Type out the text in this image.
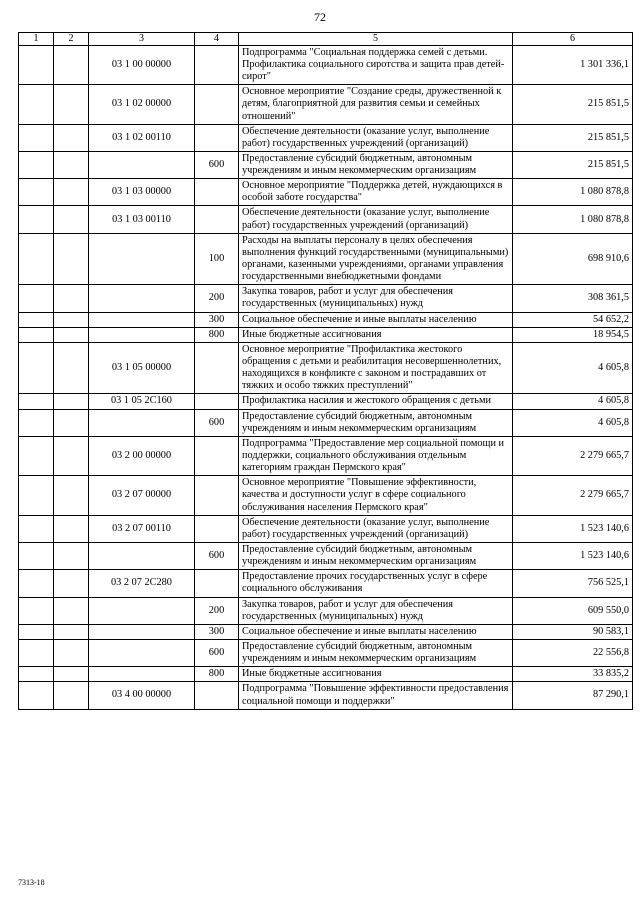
72
1	2	3	4	5	6
		03 1 00 00000		Подпрограмма "Социальная поддержка семей с детьми. Профилактика социального сиротства и защита прав детей-сирот"	1 301 336,1
		03 1 02 00000		Основное мероприятие "Создание среды, дружественной к детям, благоприятной для развития семьи и семейных отношений"	215 851,5
		03 1 02 00110		Обеспечение деятельности (оказание услуг, выполнение работ) государственных учреждений (организаций)	215 851,5
			600	Предоставление субсидий бюджетным, автономным учреждениям и иным некоммерческим организациям	215 851,5
		03 1 03 00000		Основное мероприятие "Поддержка детей, нуждающихся в особой заботе государства"	1 080 878,8
		03 1 03 00110		Обеспечение деятельности (оказание услуг, выполнение работ) государственных учреждений (организаций)	1 080 878,8
			100	Расходы на выплаты персоналу в целях обеспечения выполнения функций государственными (муниципальными) органами, казенными учреждениями, органами управления государственными внебюджетными фондами	698 910,6
			200	Закупка товаров, работ и услуг для обеспечения государственных (муниципальных) нужд	308 361,5
			300	Социальное обеспечение и иные выплаты населению	54 652,2
			800	Иные бюджетные ассигнования	18 954,5
		03 1 05 00000		Основное мероприятие "Профилактика жестокого обращения с детьми и реабилитация несовершеннолетних, находящихся в конфликте с законом и пострадавших от тяжких и особо тяжких преступлений"	4 605,8
		03 1 05 2С160		Профилактика насилия и жестокого обращения с детьми	4 605,8
			600	Предоставление субсидий бюджетным, автономным учреждениям и иным некоммерческим организациям	4 605,8
		03 2 00 00000		Подпрограмма "Предоставление мер социальной помощи и поддержки, социального обслуживания отдельным категориям граждан Пермского края"	2 279 665,7
		03 2 07 00000		Основное мероприятие "Повышение эффективности, качества и доступности услуг в сфере социального обслуживания населения Пермского края"	2 279 665,7
		03 2 07 00110		Обеспечение деятельности (оказание услуг, выполнение работ) государственных учреждений (организаций)	1 523 140,6
			600	Предоставление субсидий бюджетным, автономным учреждениям и иным некоммерческим организациям	1 523 140,6
		03 2 07 2С280		Предоставление прочих государственных услуг в сфере социального обслуживания	756 525,1
			200	Закупка товаров, работ и услуг для обеспечения государственных (муниципальных) нужд	609 550,0
			300	Социальное обеспечение и иные выплаты населению	90 583,1
			600	Предоставление субсидий бюджетным, автономным учреждениям и иным некоммерческим организациям	22 556,8
			800	Иные бюджетные ассигнования	33 835,2
		03 4 00 00000		Подпрограмма "Повышение эффективности предоставления социальной помощи и поддержки"	87 290,1
7313-18
